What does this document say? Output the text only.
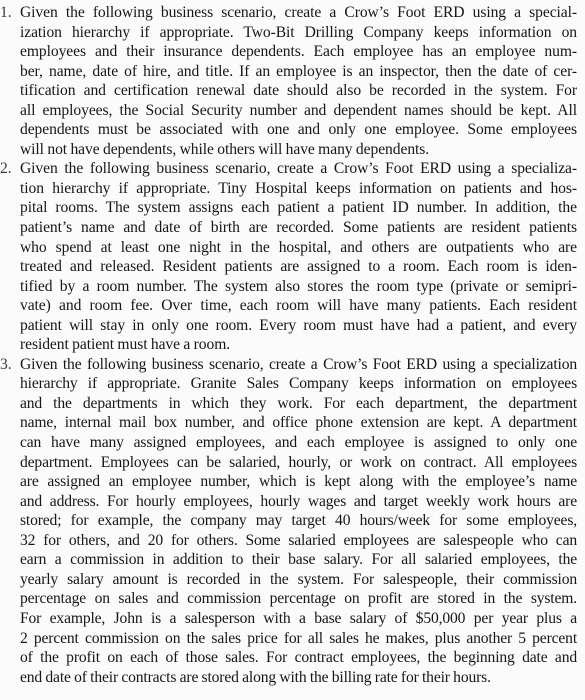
1. Given the following business scenario, create a Crow’s Foot ERD using a special-
ization hierarchy if appropriate. Two-Bit Drilling Company keeps information on
employees and their insurance dependents. Each employee has an employee num-
ber, name, date of hire, and title. If an employee is an inspector, then the date of cer-
tification and certification renewal date should also be recorded in the system. For
all employees, the Social Security number and dependent names should be kept. All
dependents must be associated with one and only one employee. Some employees
will not have dependents, while others will have many dependents.
2. Given the following business scenario, create a Crow’s Foot ERD using a specializa-
tion hierarchy if appropriate. Tiny Hospital keeps information on patients and hos-
pital rooms. The system assigns each patient a patient ID number. In addition, the
patient’s name and date of birth are recorded. Some patients are resident patients
who spend at least one night in the hospital, and others are outpatients who are
treated and released. Resident patients are assigned to a room. Each room is iden-
tified by a room number. The system also stores the room type (private or semipri-
vate) and room fee. Over time, each room will have many patients. Each resident
patient will stay in only one room. Every room must have had a patient, and every
resident patient must have a room.
3. Given the following business scenario, create a Crow’s Foot ERD using a specialization
hierarchy if appropriate. Granite Sales Company keeps information on employees
and the departments in which they work. For each department, the department
name, internal mail box number, and office phone extension are kept. A department
can have many assigned employees, and each employee is assigned to only one
department. Employees can be salaried, hourly, or work on contract. All employees
are assigned an employee number, which is kept along with the employee’s name
and address. For hourly employees, hourly wages and target weekly work hours are
stored; for example, the company may target 40 hours/week for some employees,
32 for others, and 20 for others. Some salaried employees are salespeople who can
earn a commission in addition to their base salary. For all salaried employees, the
yearly salary amount is recorded in the system. For salespeople, their commission
percentage on sales and commission percentage on profit are stored in the system.
For example, John is a salesperson with a base salary of $50,000 per year plus a
2 percent commission on the sales price for all sales he makes, plus another 5 percent
of the profit on each of those sales. For contract employees, the beginning date and
end date of their contracts are stored along with the billing rate for their hours.
